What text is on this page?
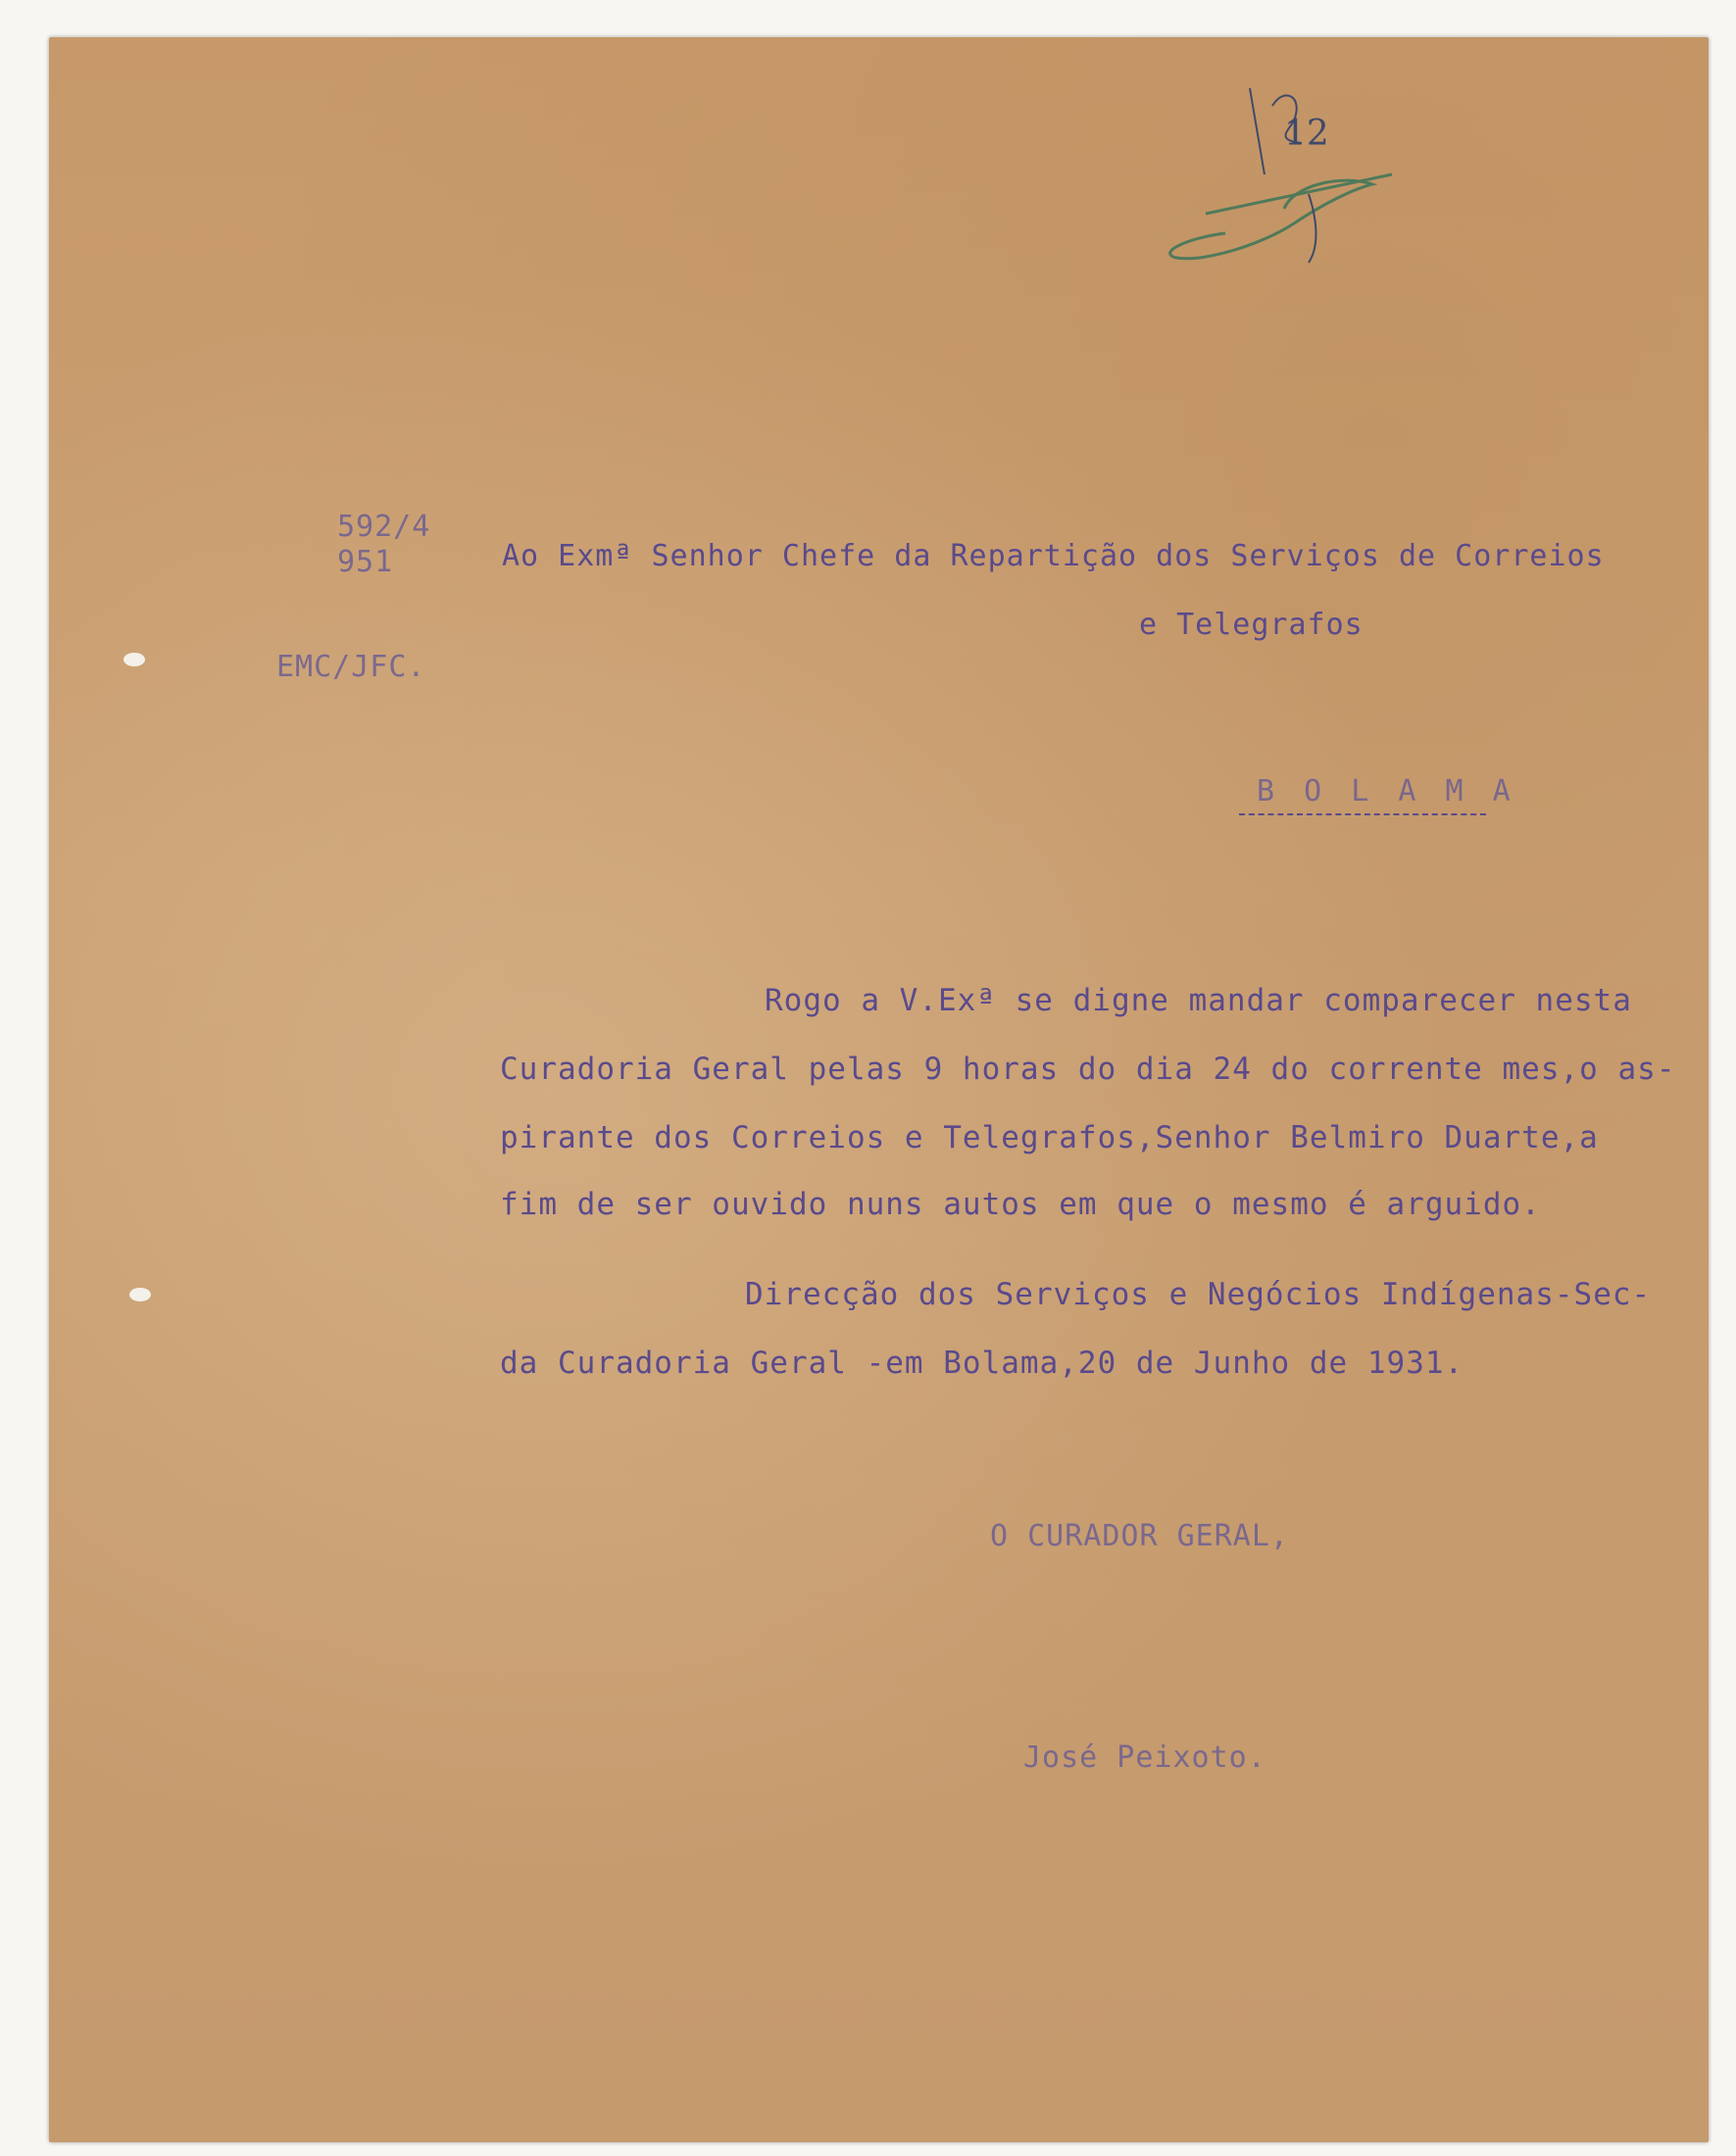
12
592/4
951
EMC/JFC.
Ao Exmª Senhor Chefe da Repartição dos Serviços de Correios
e Telegrafos
B O L A M A
Rogo a V.Exª se digne mandar comparecer nesta
Curadoria Geral pelas 9 horas do dia 24 do corrente mes,o as-
pirante dos Correios e Telegrafos,Senhor Belmiro Duarte,a
fim de ser ouvido nuns autos em que o mesmo é arguido.
Direcção dos Serviços e Negócios Indígenas-Sec-
da Curadoria Geral -em Bolama,20 de Junho de 1931.
O CURADOR GERAL,
José Peixoto.
